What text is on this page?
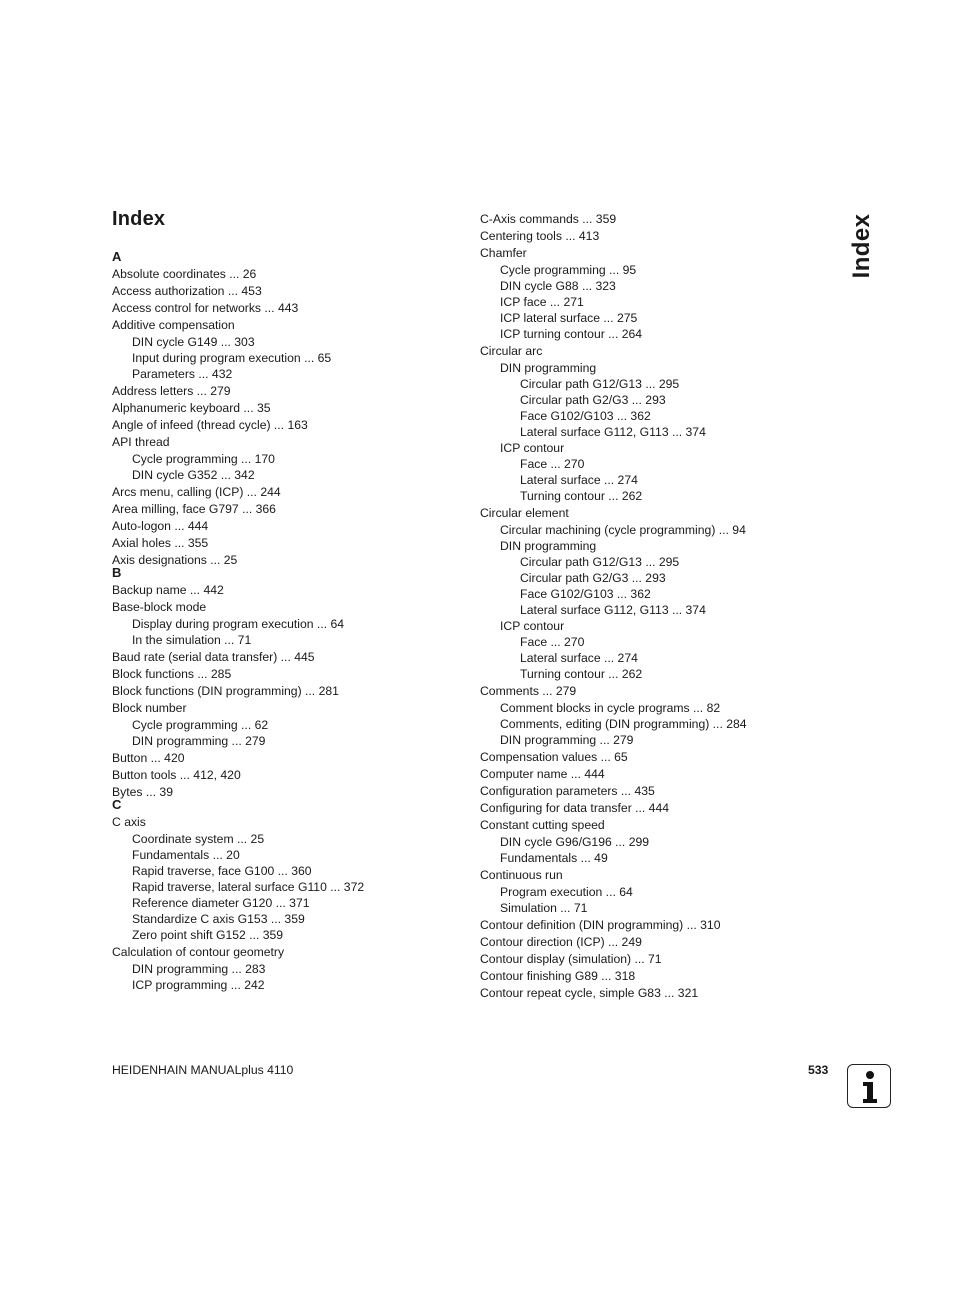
Index	Index
A
Absolute coordinates ... 26
Access authorization ... 453
Access control for networks ... 443
Additive compensation
DIN cycle G149 ... 303
Input during program execution ... 65
Parameters ... 432
Address letters ... 279
Alphanumeric keyboard ... 35
Angle of infeed (thread cycle) ... 163
API thread
Cycle programming ... 170
DIN cycle G352 ... 342
Arcs menu, calling (ICP) ... 244
Area milling, face G797 ... 366
Auto-logon ... 444
Axial holes ... 355
Axis designations ... 25
B
Backup name ... 442
Base-block mode
Display during program execution ... 64
In the simulation ... 71
Baud rate (serial data transfer) ... 445
Block functions ... 285
Block functions (DIN programming) ... 281
Block number
Cycle programming ... 62
DIN programming ... 279
Button ... 420
Button tools ... 412, 420
Bytes ... 39
C
C axis
Coordinate system ... 25
Fundamentals ... 20
Rapid traverse, face G100 ... 360
Rapid traverse, lateral surface G110 ... 372
Reference diameter G120 ... 371
Standardize C axis G153 ... 359
Zero point shift G152 ... 359
Calculation of contour geometry
DIN programming ... 283
ICP programming ... 242
C-Axis commands ... 359
Centering tools ... 413
Chamfer
Cycle programming ... 95
DIN cycle G88 ... 323
ICP face ... 271
ICP lateral surface ... 275
ICP turning contour ... 264
Circular arc
DIN programming
Circular path G12/G13 ... 295
Circular path G2/G3 ... 293
Face G102/G103 ... 362
Lateral surface G112, G113 ... 374
ICP contour
Face ... 270
Lateral surface ... 274
Turning contour ... 262
Circular element
Circular machining (cycle programming) ... 94
DIN programming
Circular path G12/G13 ... 295
Circular path G2/G3 ... 293
Face G102/G103 ... 362
Lateral surface G112, G113 ... 374
ICP contour
Face ... 270
Lateral surface ... 274
Turning contour ... 262
Comments ... 279
Comment blocks in cycle programs ... 82
Comments, editing (DIN programming) ... 284
DIN programming ... 279
Compensation values ... 65
Computer name ... 444
Configuration parameters ... 435
Configuring for data transfer ... 444
Constant cutting speed
DIN cycle G96/G196 ... 299
Fundamentals ... 49
Continuous run
Program execution ... 64
Simulation ... 71
Contour definition (DIN programming) ... 310
Contour direction (ICP) ... 249
Contour display (simulation) ... 71
Contour finishing G89 ... 318
Contour repeat cycle, simple G83 ... 321
HEIDENHAIN MANUALplus 4110	533
